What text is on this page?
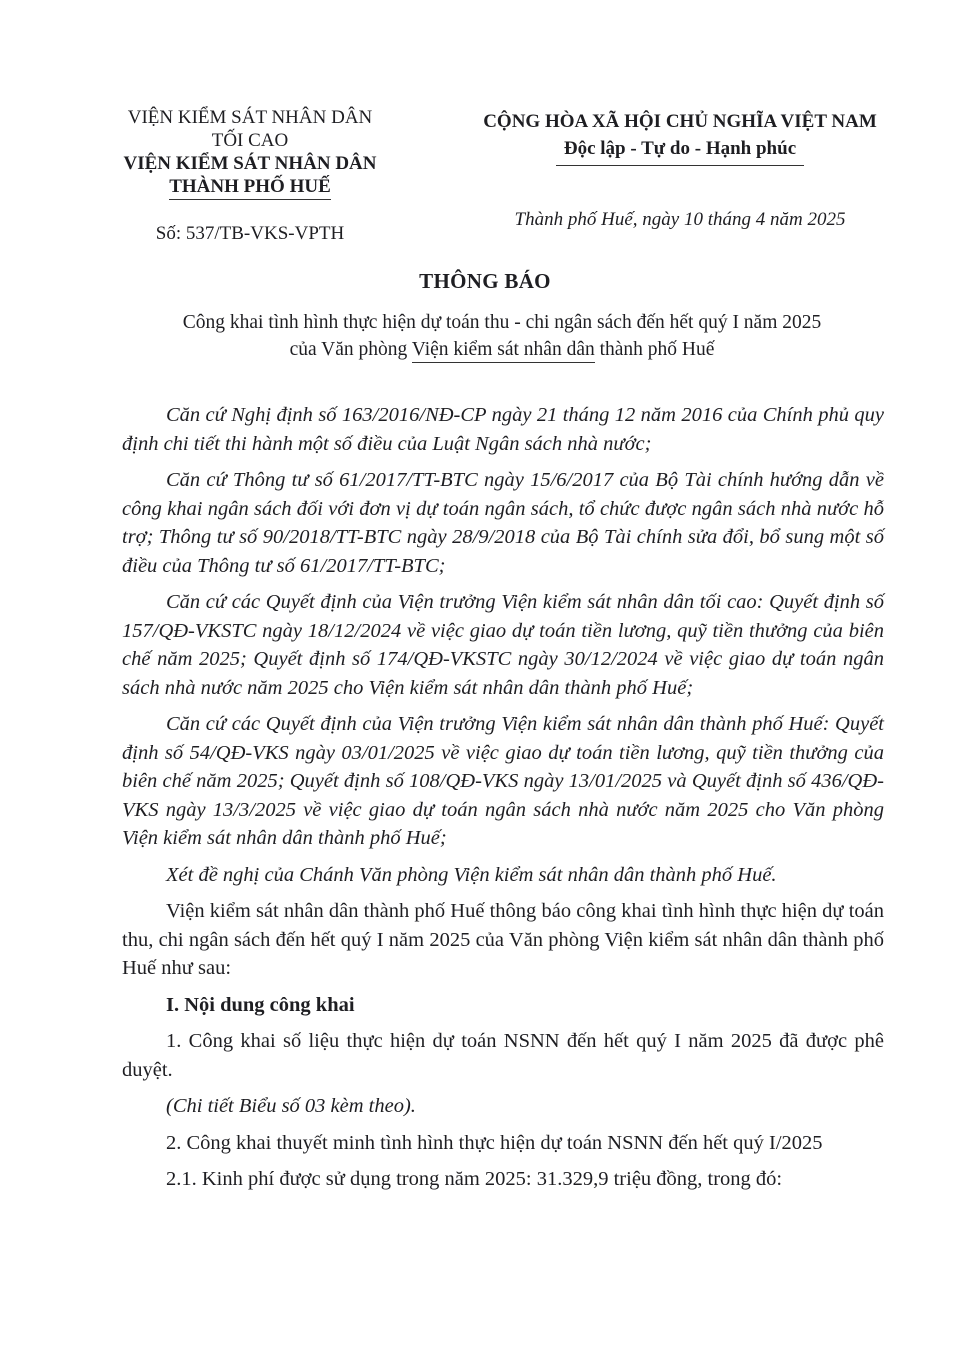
VIỆN KIỂM SÁT NHÂN DÂN
TỐI CAO
VIỆN KIỂM SÁT NHÂN DÂN
THÀNH PHỐ HUẾ
Số: 537/TB-VKS-VPTH
CỘNG HÒA XÃ HỘI CHỦ NGHĨA VIỆT NAM
Độc lập - Tự do - Hạnh phúc
Thành phố Huế, ngày 10 tháng 4 năm 2025
THÔNG BÁO
Công khai tình hình thực hiện dự toán thu - chi ngân sách đến hết quý I năm 2025
của Văn phòng Viện kiểm sát nhân dân thành phố Huế

Căn cứ Nghị định số 163/2016/NĐ-CP ngày 21 tháng 12 năm 2016 của Chính phủ quy định chi tiết thi hành một số điều của Luật Ngân sách nhà nước;

Căn cứ Thông tư số 61/2017/TT-BTC ngày 15/6/2017 của Bộ Tài chính hướng dẫn về công khai ngân sách đối với đơn vị dự toán ngân sách, tổ chức được ngân sách nhà nước hỗ trợ; Thông tư số 90/2018/TT-BTC ngày 28/9/2018 của Bộ Tài chính sửa đổi, bổ sung một số điều của Thông tư số 61/2017/TT-BTC;

Căn cứ các Quyết định của Viện trưởng Viện kiểm sát nhân dân tối cao: Quyết định số 157/QĐ-VKSTC ngày 18/12/2024 về việc giao dự toán tiền lương, quỹ tiền thưởng của biên chế năm 2025; Quyết định số 174/QĐ-VKSTC ngày 30/12/2024 về việc giao dự toán ngân sách nhà nước năm 2025 cho Viện kiểm sát nhân dân thành phố Huế;

Căn cứ các Quyết định của Viện trưởng Viện kiểm sát nhân dân thành phố Huế: Quyết định số 54/QĐ-VKS ngày 03/01/2025 về việc giao dự toán tiền lương, quỹ tiền thưởng của biên chế năm 2025; Quyết định số 108/QĐ-VKS ngày 13/01/2025 và Quyết định số 436/QĐ-VKS ngày 13/3/2025 về việc giao dự toán ngân sách nhà nước năm 2025 cho Văn phòng Viện kiểm sát nhân dân thành phố Huế;

Xét đề nghị của Chánh Văn phòng Viện kiểm sát nhân dân thành phố Huế.

Viện kiểm sát nhân dân thành phố Huế thông báo công khai tình hình thực hiện dự toán thu, chi ngân sách đến hết quý I năm 2025 của Văn phòng Viện kiểm sát nhân dân thành phố Huế như sau:

I. Nội dung công khai

1. Công khai số liệu thực hiện dự toán NSNN đến hết quý I năm 2025 đã được phê duyệt.

(Chi tiết Biểu số 03 kèm theo).

2. Công khai thuyết minh tình hình thực hiện dự toán NSNN đến hết quý I/2025

2.1. Kinh phí được sử dụng trong năm 2025: 31.329,9 triệu đồng, trong đó:
